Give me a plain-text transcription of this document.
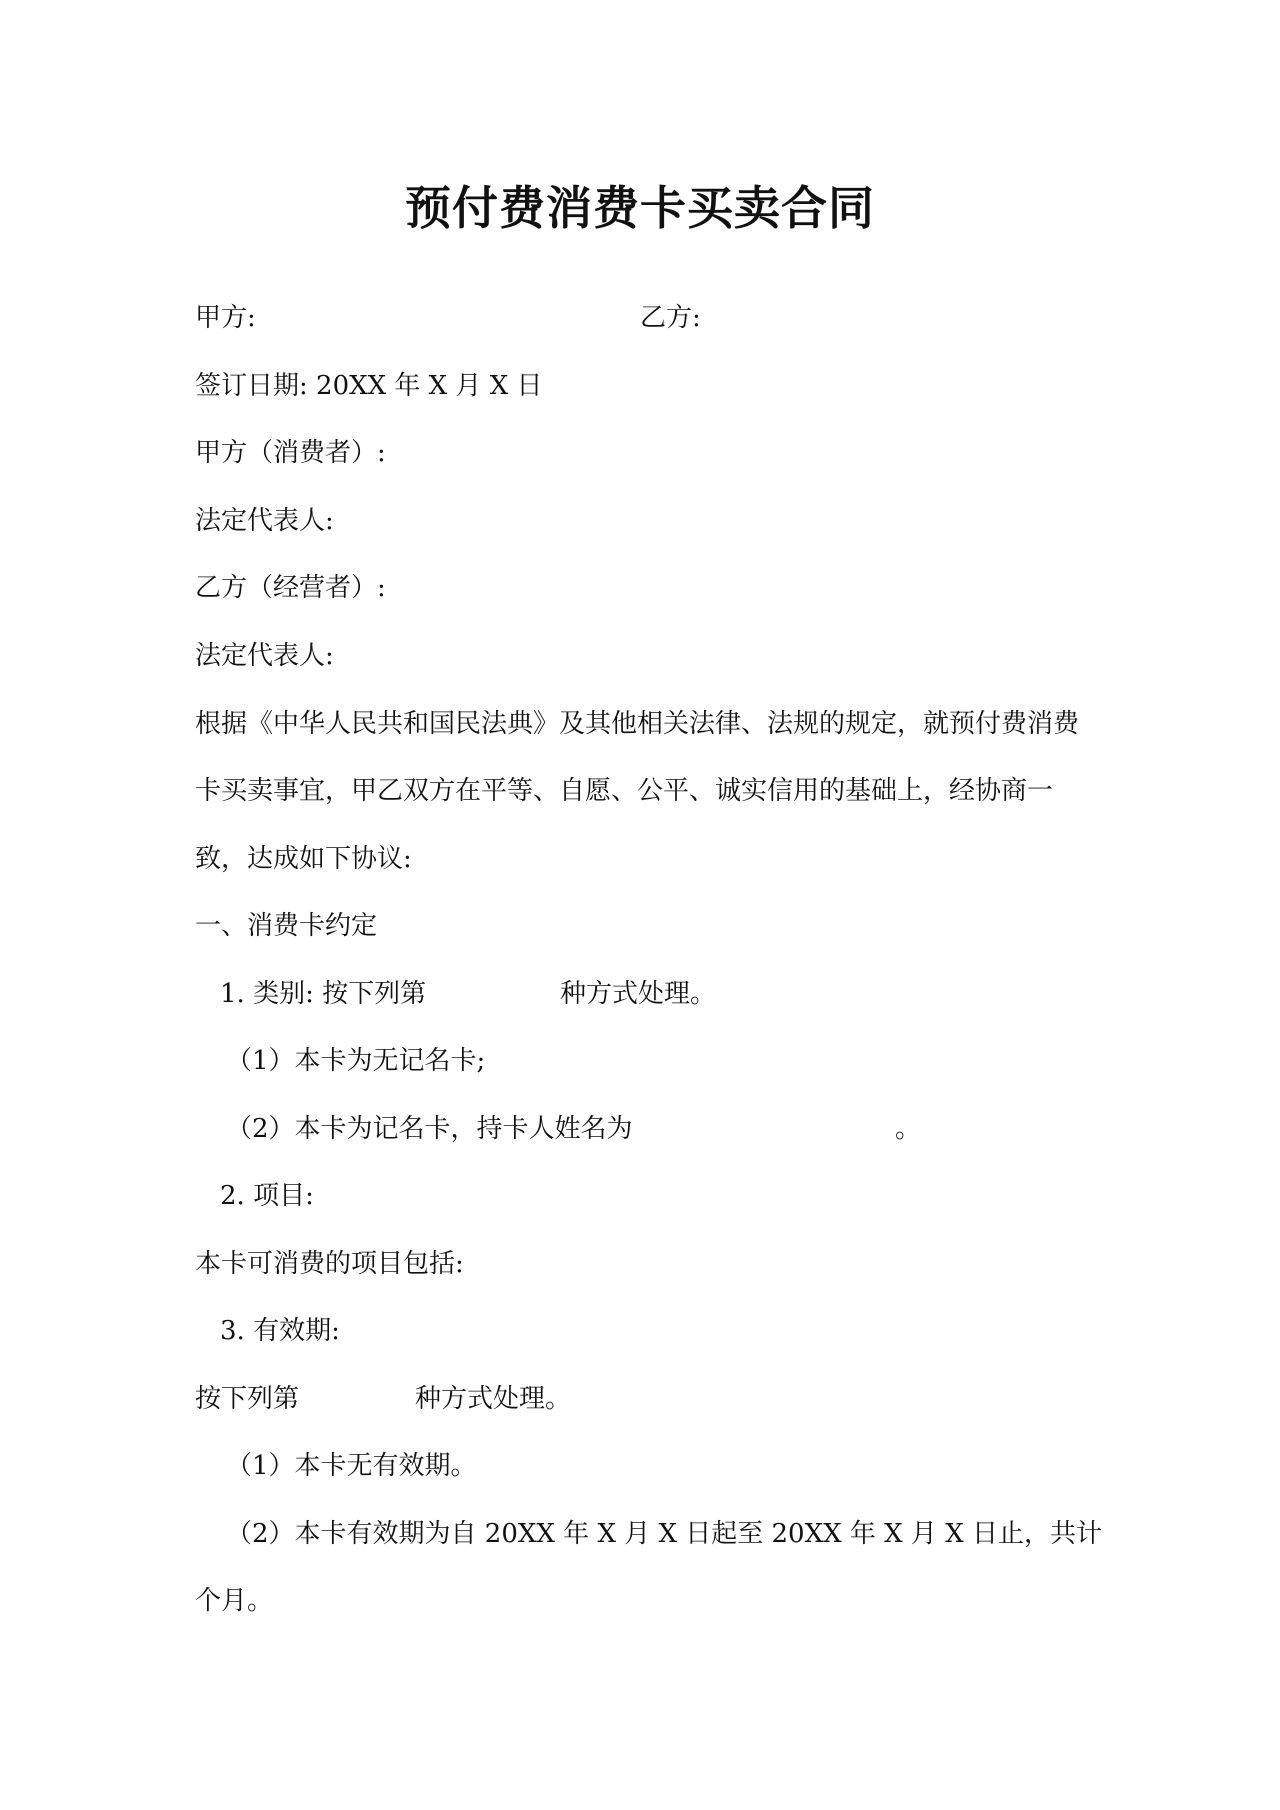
预付费消费卡买卖合同
甲方:	乙方:
签订日期: 20XX 年 X 月 X 日
甲方（消费者）:
法定代表人:
乙方（经营者）:
法定代表人:
根据《中华人民共和国民法典》及其他相关法律、法规的规定，就预付费消费
卡买卖事宜，甲乙双方在平等、自愿、公平、诚实信用的基础上，经协商一
致，达成如下协议:
一、消费卡约定
1. 类别: 按下列第	种方式处理。
（1）本卡为无记名卡;
（2）本卡为记名卡，持卡人姓名为	。
2. 项目:
本卡可消费的项目包括:
3. 有效期:
按下列第	种方式处理。
（1）本卡无有效期。
（2）本卡有效期为自 20XX 年 X 月 X 日起至 20XX 年 X 月 X 日止，共计
个月。
